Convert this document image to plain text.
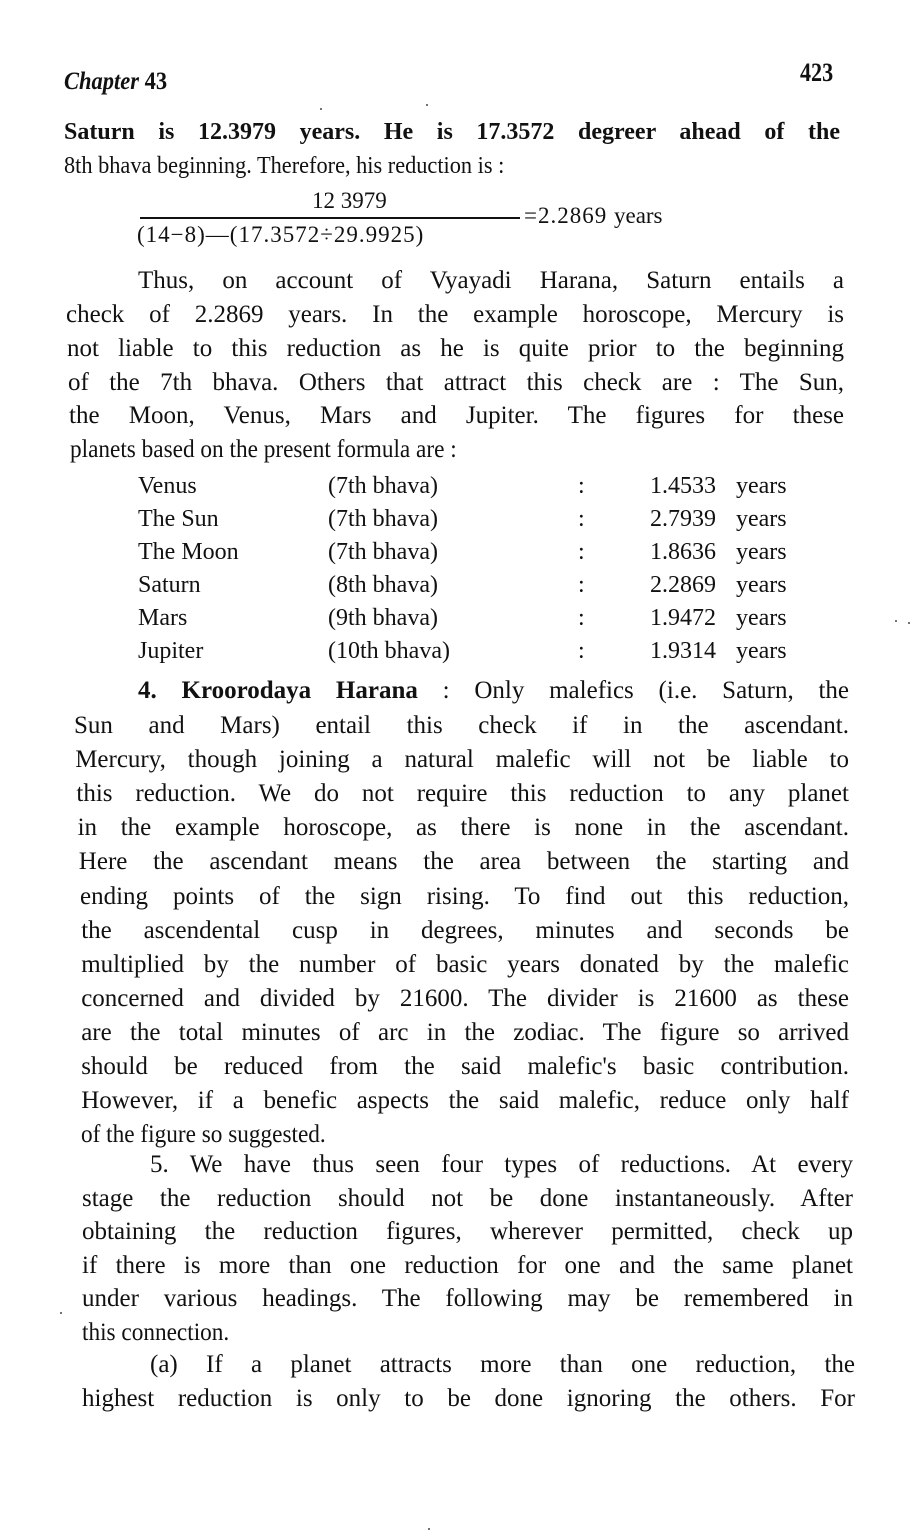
Chapter 43	423
Saturn is 12.3979 years. He is 17.3572 degreer ahead of the
8th bhava beginning. Therefore, his reduction is :
12 3979
(14−8)—(17.3572÷29.9925)
=2.2869 years
Thus, on account of Vyayadi Harana, Saturn entails a
check of 2.2869 years. In the example horoscope, Mercury is
not liable to this reduction as he is quite prior to the beginning
of the 7th bhava. Others that attract this check are : The Sun,
the Moon, Venus, Mars and Jupiter. The figures for these
planets based on the present formula are :
Venus	(7th bhava)	:	1.4533	years
The Sun	(7th bhava)	:	2.7939	years
The Moon	(7th bhava)	:	1.8636	years
Saturn	(8th bhava)	:	2.2869	years
Mars	(9th bhava)	:	1.9472	years
Jupiter	(10th bhava)	:	1.9314	years
4. Kroorodaya Harana : Only malefics (i.e. Saturn, the
Sun and Mars) entail this check if in the ascendant.
Mercury, though joining a natural malefic will not be liable to
this reduction. We do not require this reduction to any planet
in the example horoscope, as there is none in the ascendant.
Here the ascendant means the area between the starting and
ending points of the sign rising. To find out this reduction,
the ascendental cusp in degrees, minutes and seconds be
multiplied by the number of basic years donated by the malefic
concerned and divided by 21600. The divider is 21600 as these
are the total minutes of arc in the zodiac. The figure so arrived
should be reduced from the said malefic's basic contribution.
However, if a benefic aspects the said malefic, reduce only half
of the figure so suggested.
5. We have thus seen four types of reductions. At every
stage the reduction should not be done instantaneously. After
obtaining the reduction figures, wherever permitted, check up
if there is more than one reduction for one and the same planet
under various headings. The following may be remembered in
this connection.
(a) If a planet attracts more than one reduction, the
highest reduction is only to be done ignoring the others. For
